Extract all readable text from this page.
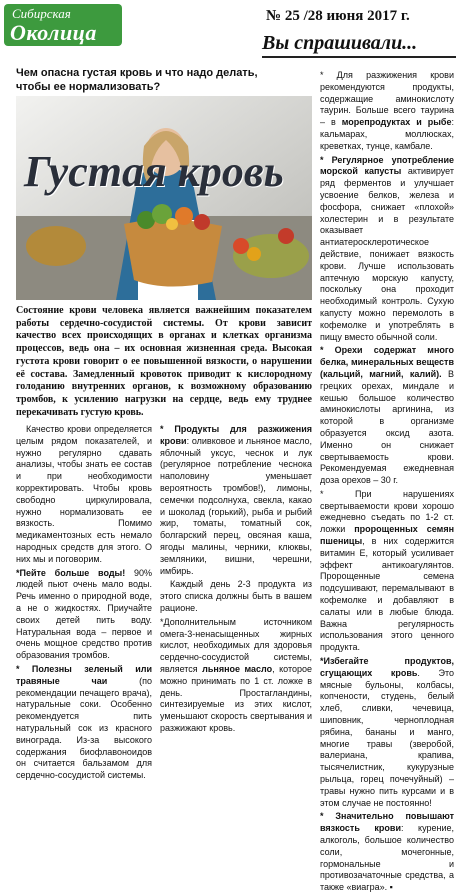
Сибирская
Околица
№ 25 /28 июня 2017 г.
Вы спрашивали...
Чем опасна густая кровь и что надо делать, чтобы ее нормализовать?
Густая кровь
Состояние крови человека является важнейшим показателем работы сердечно-сосудистой системы. От крови зависит качество всех происходящих в органах и клетках организма процессов, ведь она – их основная жизненная среда. Высокая густота крови говорит о ее повышенной вязкости, о нарушении её состава. Замедленный кровоток приводит к кислородному голоданию внутренних органов, к возможному образованию тромбов, к усилению нагрузки на сердце, ведь ему труднее перекачивать густую кровь.

Качество крови определяется целым рядом показателей, и нужно регулярно сдавать анализы, чтобы знать ее состав и при необходимости корректировать. Чтобы кровь свободно циркулировала, нужно нормализовать ее вязкость. Помимо медикаментозных есть немало народных средств для этого. О них мы и поговорим.

*Пейте больше воды! 90% людей пьют очень мало воды. Речь именно о природной воде, а не о жидкостях. Приучайте своих детей пить воду. Натуральная вода – первое и очень мощное средство против образования тромбов.

* Полезны зеленый или травяные чаи (по рекомендации печащего врача), натуральные соки. Особенно рекомендуется пить натуральный сок из красного винограда. Из-за высокого содержания биофлавоноидов он считается бальзамом для сердечно-сосудистой системы.

* Продукты для разжижения крови: оливковое и льняное масло, яблочный уксус, чеснок и лук (регулярное потребление чеснока наполовину уменьшает вероятность тромбов!), лимоны, семечки подсолнуха, свекла, какао и шоколад (горький), рыба и рыбий жир, томаты, томатный сок, болгарский перец, овсяная каша, ягоды малины, черники, клюквы, земляники, вишни, черешни, имбирь.

Каждый день 2-3 продукта из этого списка должны быть в вашем рационе.

*Дополнительным источником омега-3-ненасыщенных жирных кислот, необходимых для здоровья сердечно-сосудистой системы, является льняное масло, которое можно принимать по 1 ст. ложке в день. Простагландины, синтезируемые из этих кислот, уменьшают скорость свертывания и разжижают кровь.

* Для разжижения крови рекомендуются продукты, содержащие аминокислоту таурин. Больше всего таурина – в морепродуктах и рыбе: кальмарах, моллюсках, креветках, тунце, камбале.

* Регулярное употребление морской капусты активирует ряд ферментов и улучшает усвоение белков, железа и фосфора, снижает «плохой» холестерин и в результате оказывает антиатеросклеротическое действие, понижает вязкость крови. Лучше использовать аптечную морскую капусту, поскольку она проходит необходимый контроль. Сухую капусту можно перемолоть в кофемолке и употреблять в пищу вместо обычной соли.

* Орехи содержат много белка, минеральных веществ (кальций, магний, калий). В грецких орехах, миндале и кешью большое количество аминокислоты аргинина, из которой в организме образуется оксид азота. Именно он снижает свертываемость крови. Рекомендуемая ежедневная доза орехов – 30 г.

* При нарушениях свертываемости крови хорошо ежедневно съедать по 1-2 ст. ложки пророщенных семян пшеницы, в них содержится витамин Е, который усиливает эффект антикоагулянтов. Пророщенные семена подсушивают, перемалывают в кофемолке и добавляют в салаты или в любые блюда. Важна регулярность использования этого ценного продукта.

*Избегайте продуктов, сгущающих кровь. Это мясные бульоны, колбасы, копчености, студень, белый хлеб, сливки, чечевица, шиповник, черноплодная рябина, бананы и манго, многие травы (зверобой, валериана, крапива, тысячелистник, кукурузные рыльца, горец почечуйный) – травы нужно пить курсами и в этом случае не постоянно!

* Значительно повышают вязкость крови: курение, алкоголь, большое количество соли, мочегонные, гормональные и противозачаточные средства, а также «виагра». ▪
